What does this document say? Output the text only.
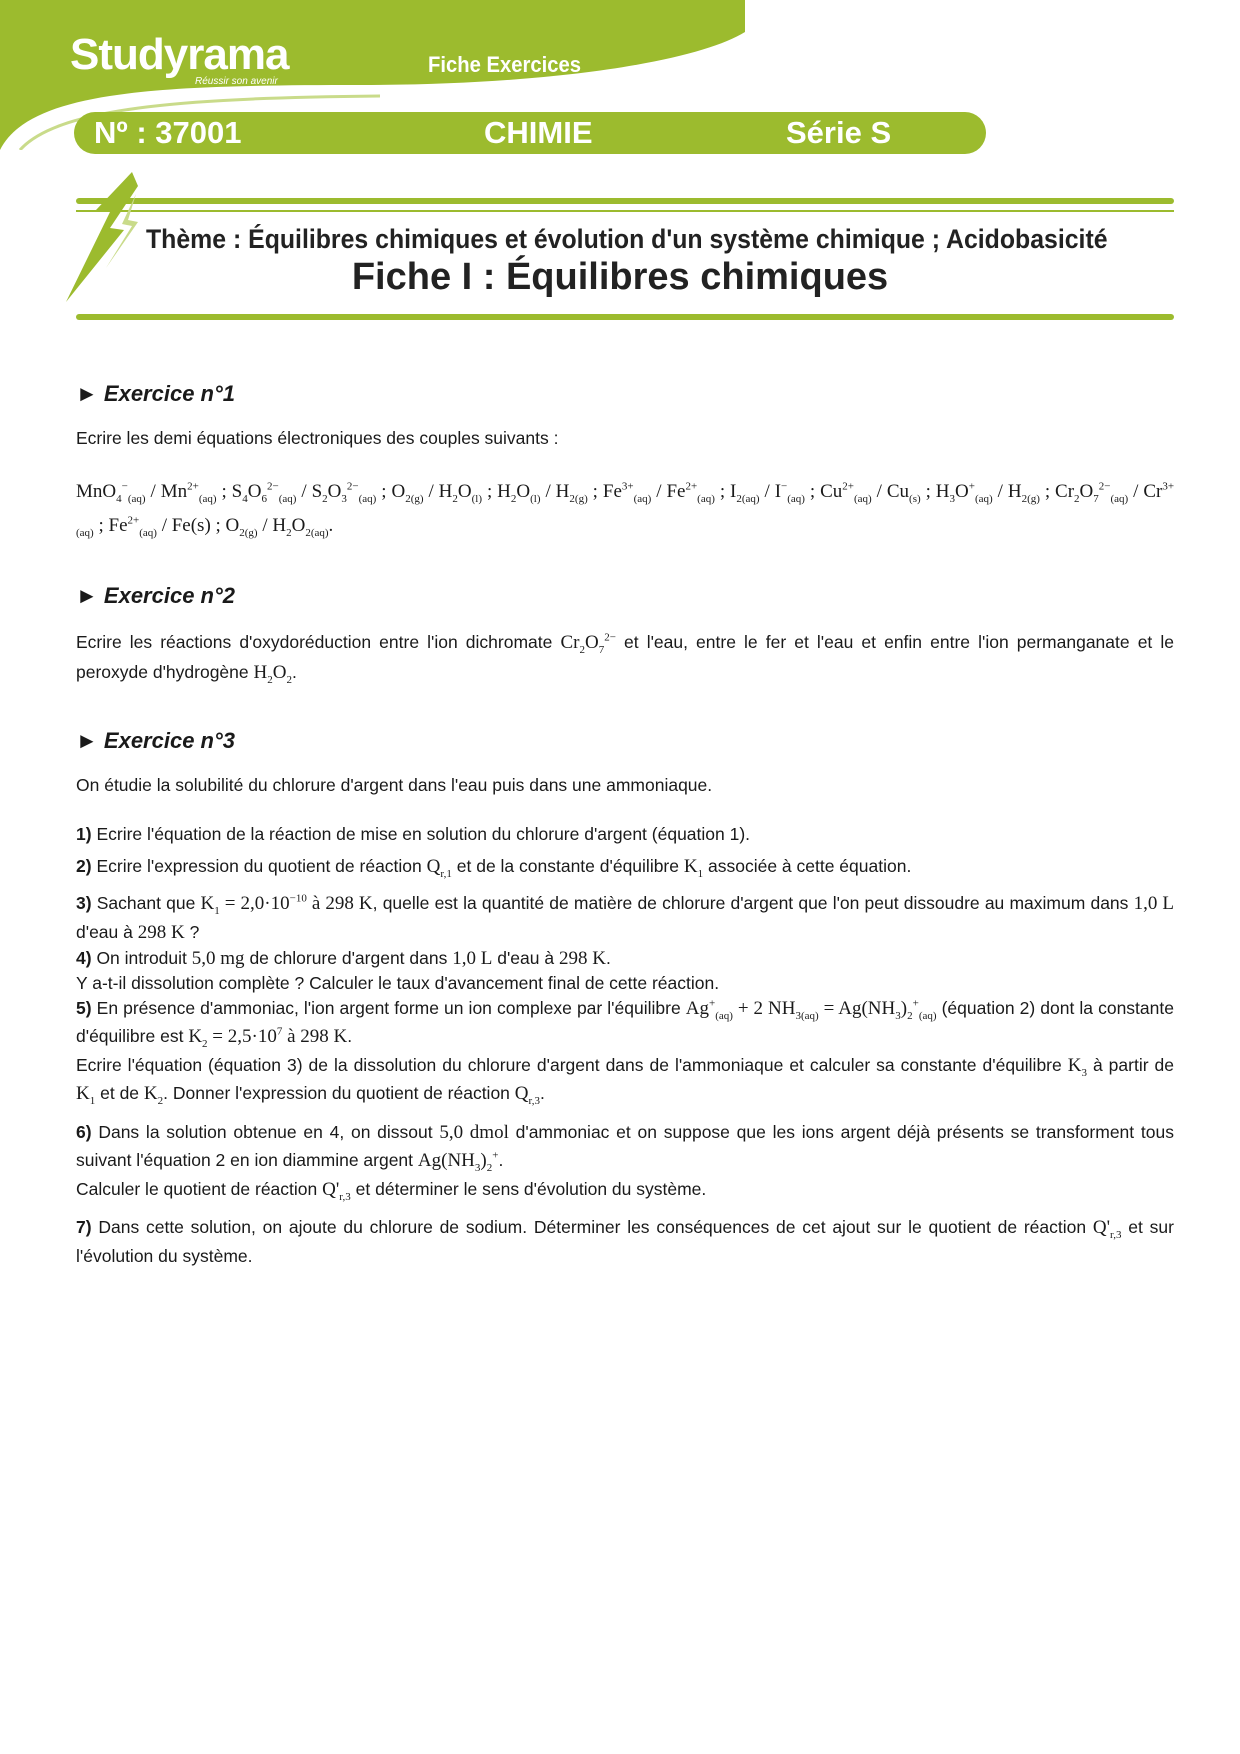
Studyrama
Réussir son avenir
Fiche Exercices
Nº : 37001	CHIMIE	Série S
Thème : Équilibres chimiques et évolution d'un système chimique ; Acidobasicité
Fiche I : Équilibres chimiques
► Exercice n°1

Ecrire les demi équations électroniques des couples suivants :

$MnO_4^-_{(aq)} / Mn^{2+}_{(aq)}$ ; $S_4O_6^{2-}_{(aq)} / S_2O_3^{2-}_{(aq)}$ ; $O_{2(g)} / H_2O_{(l)}$ ; $H_2O_{(l)} / H_{2(g)}$ ; $Fe^{3+}_{(aq)} / Fe^{2+}_{(aq)}$ ; $I_{2(aq)} / I^-_{(aq)}$ ; $Cu^{2+}_{(aq)} / Cu_{(s)}$ ; $H_3O^+_{(aq)} / H_{2(g)}$ ; $Cr_2O_7^{2-}_{(aq)} / Cr^{3+}_{(aq)}$ ; $Fe^{2+}_{(aq)} / Fe(s)$ ; $O_{2(g)} / H_2O_{2(aq)}$.
► Exercice n°2

Ecrire les réactions d'oxydoréduction entre l'ion dichromate $Cr_2O_7^{2-}$ et l'eau, entre le fer et l'eau et enfin entre l'ion permanganate et le peroxyde d'hydrogène $H_2O_2$.

► Exercice n°3

On étudie la solubilité du chlorure d'argent dans l'eau puis dans une ammoniaque.

1) Ecrire l'équation de la réaction de mise en solution du chlorure d'argent (équation 1).
2) Ecrire l'expression du quotient de réaction $Q_{r,1}$ et de la constante d'équilibre $K_1$ associée à cette équation.
3) Sachant que $K_1 = 2,0\cdot 10^{-10}$ à 298 K, quelle est la quantité de matière de chlorure d'argent que l'on peut dissoudre au maximum dans 1,0 L d'eau à 298 K ?
4) On introduit 5,0 mg de chlorure d'argent dans 1,0 L d'eau à 298 K.
Y a-t-il dissolution complète ? Calculer le taux d'avancement final de cette réaction.
5) En présence d'ammoniac, l'ion argent forme un ion complexe par l'équilibre $Ag^+_{(aq)} + 2$ $NH_{3(aq)} = Ag(NH_3)_2^+_{(aq)}$ (équation 2) dont la constante d'équilibre est $K_2 = 2,5\cdot 10^7$ à 298 K.
Ecrire l'équation (équation 3) de la dissolution du chlorure d'argent dans de l'ammoniaque et calculer sa constante d'équilibre $K_3$ à partir de $K_1$ et de $K_2$. Donner l'expression du quotient de réaction $Q_{r,3}$.
6) Dans la solution obtenue en 4, on dissout 5,0 dmol d'ammoniac et on suppose que les ions argent déjà présents se transforment tous suivant l'équation 2 en ion diammine argent $Ag(NH_3)_2^+$.
Calculer le quotient de réaction $Q'_{r,3}$ et déterminer le sens d'évolution du système.
7) Dans cette solution, on ajoute du chlorure de sodium. Déterminer les conséquences de cet ajout sur le quotient de réaction $Q'_{r,3}$ et sur l'évolution du système.
